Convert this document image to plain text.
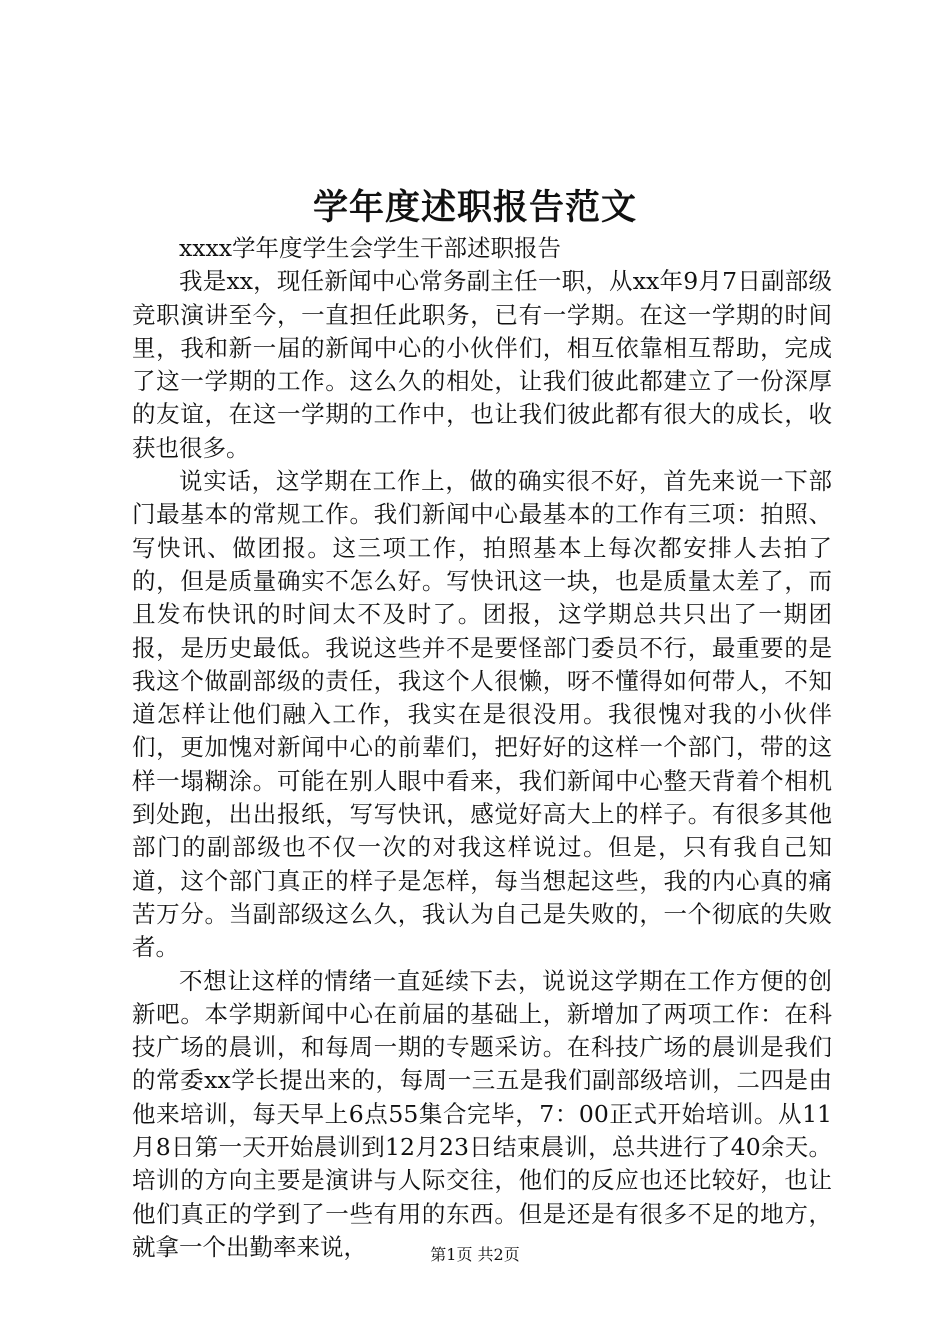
学年度述职报告范文

xxxx学年度学生会学生干部述职报告

我是xx，现任新闻中心常务副主任一职，从xx年9月7日副部级竞职演讲至今，一直担任此职务，已有一学期。在这一学期的时间里，我和新一届的新闻中心的小伙伴们，相互依靠相互帮助，完成了这一学期的工作。这么久的相处，让我们彼此都建立了一份深厚的友谊，在这一学期的工作中，也让我们彼此都有很大的成长，收获也很多。

说实话，这学期在工作上，做的确实很不好，首先来说一下部门最基本的常规工作。我们新闻中心最基本的工作有三项：拍照、写快讯、做团报。这三项工作，拍照基本上每次都安排人去拍了的，但是质量确实不怎么好。写快讯这一块，也是质量太差了，而且发布快讯的时间太不及时了。团报，这学期总共只出了一期团报，是历史最低。我说这些并不是要怪部门委员不行，最重要的是我这个做副部级的责任，我这个人很懒，呀不懂得如何带人，不知道怎样让他们融入工作，我实在是很没用。我很愧对我的小伙伴们，更加愧对新闻中心的前辈们，把好好的这样一个部门，带的这样一塌糊涂。可能在别人眼中看来，我们新闻中心整天背着个相机到处跑，出出报纸，写写快讯，感觉好高大上的样子。有很多其他部门的副部级也不仅一次的对我这样说过。但是，只有我自己知道，这个部门真正的样子是怎样，每当想起这些，我的内心真的痛苦万分。当副部级这么久，我认为自己是失败的，一个彻底的失败者。

不想让这样的情绪一直延续下去，说说这学期在工作方便的创新吧。本学期新闻中心在前届的基础上，新增加了两项工作：在科技广场的晨训，和每周一期的专题采访。在科技广场的晨训是我们的常委xx学长提出来的，每周一三五是我们副部级培训，二四是由他来培训，每天早上6点55集合完毕，7：00正式开始培训。从11月8日第一天开始晨训到12月23日结束晨训，总共进行了40余天。培训的方向主要是演讲与人际交往，他们的反应也还比较好，也让他们真正的学到了一些有用的东西。但是还是有很多不足的地方，就拿一个出勤率来说，	第1页 共2页
